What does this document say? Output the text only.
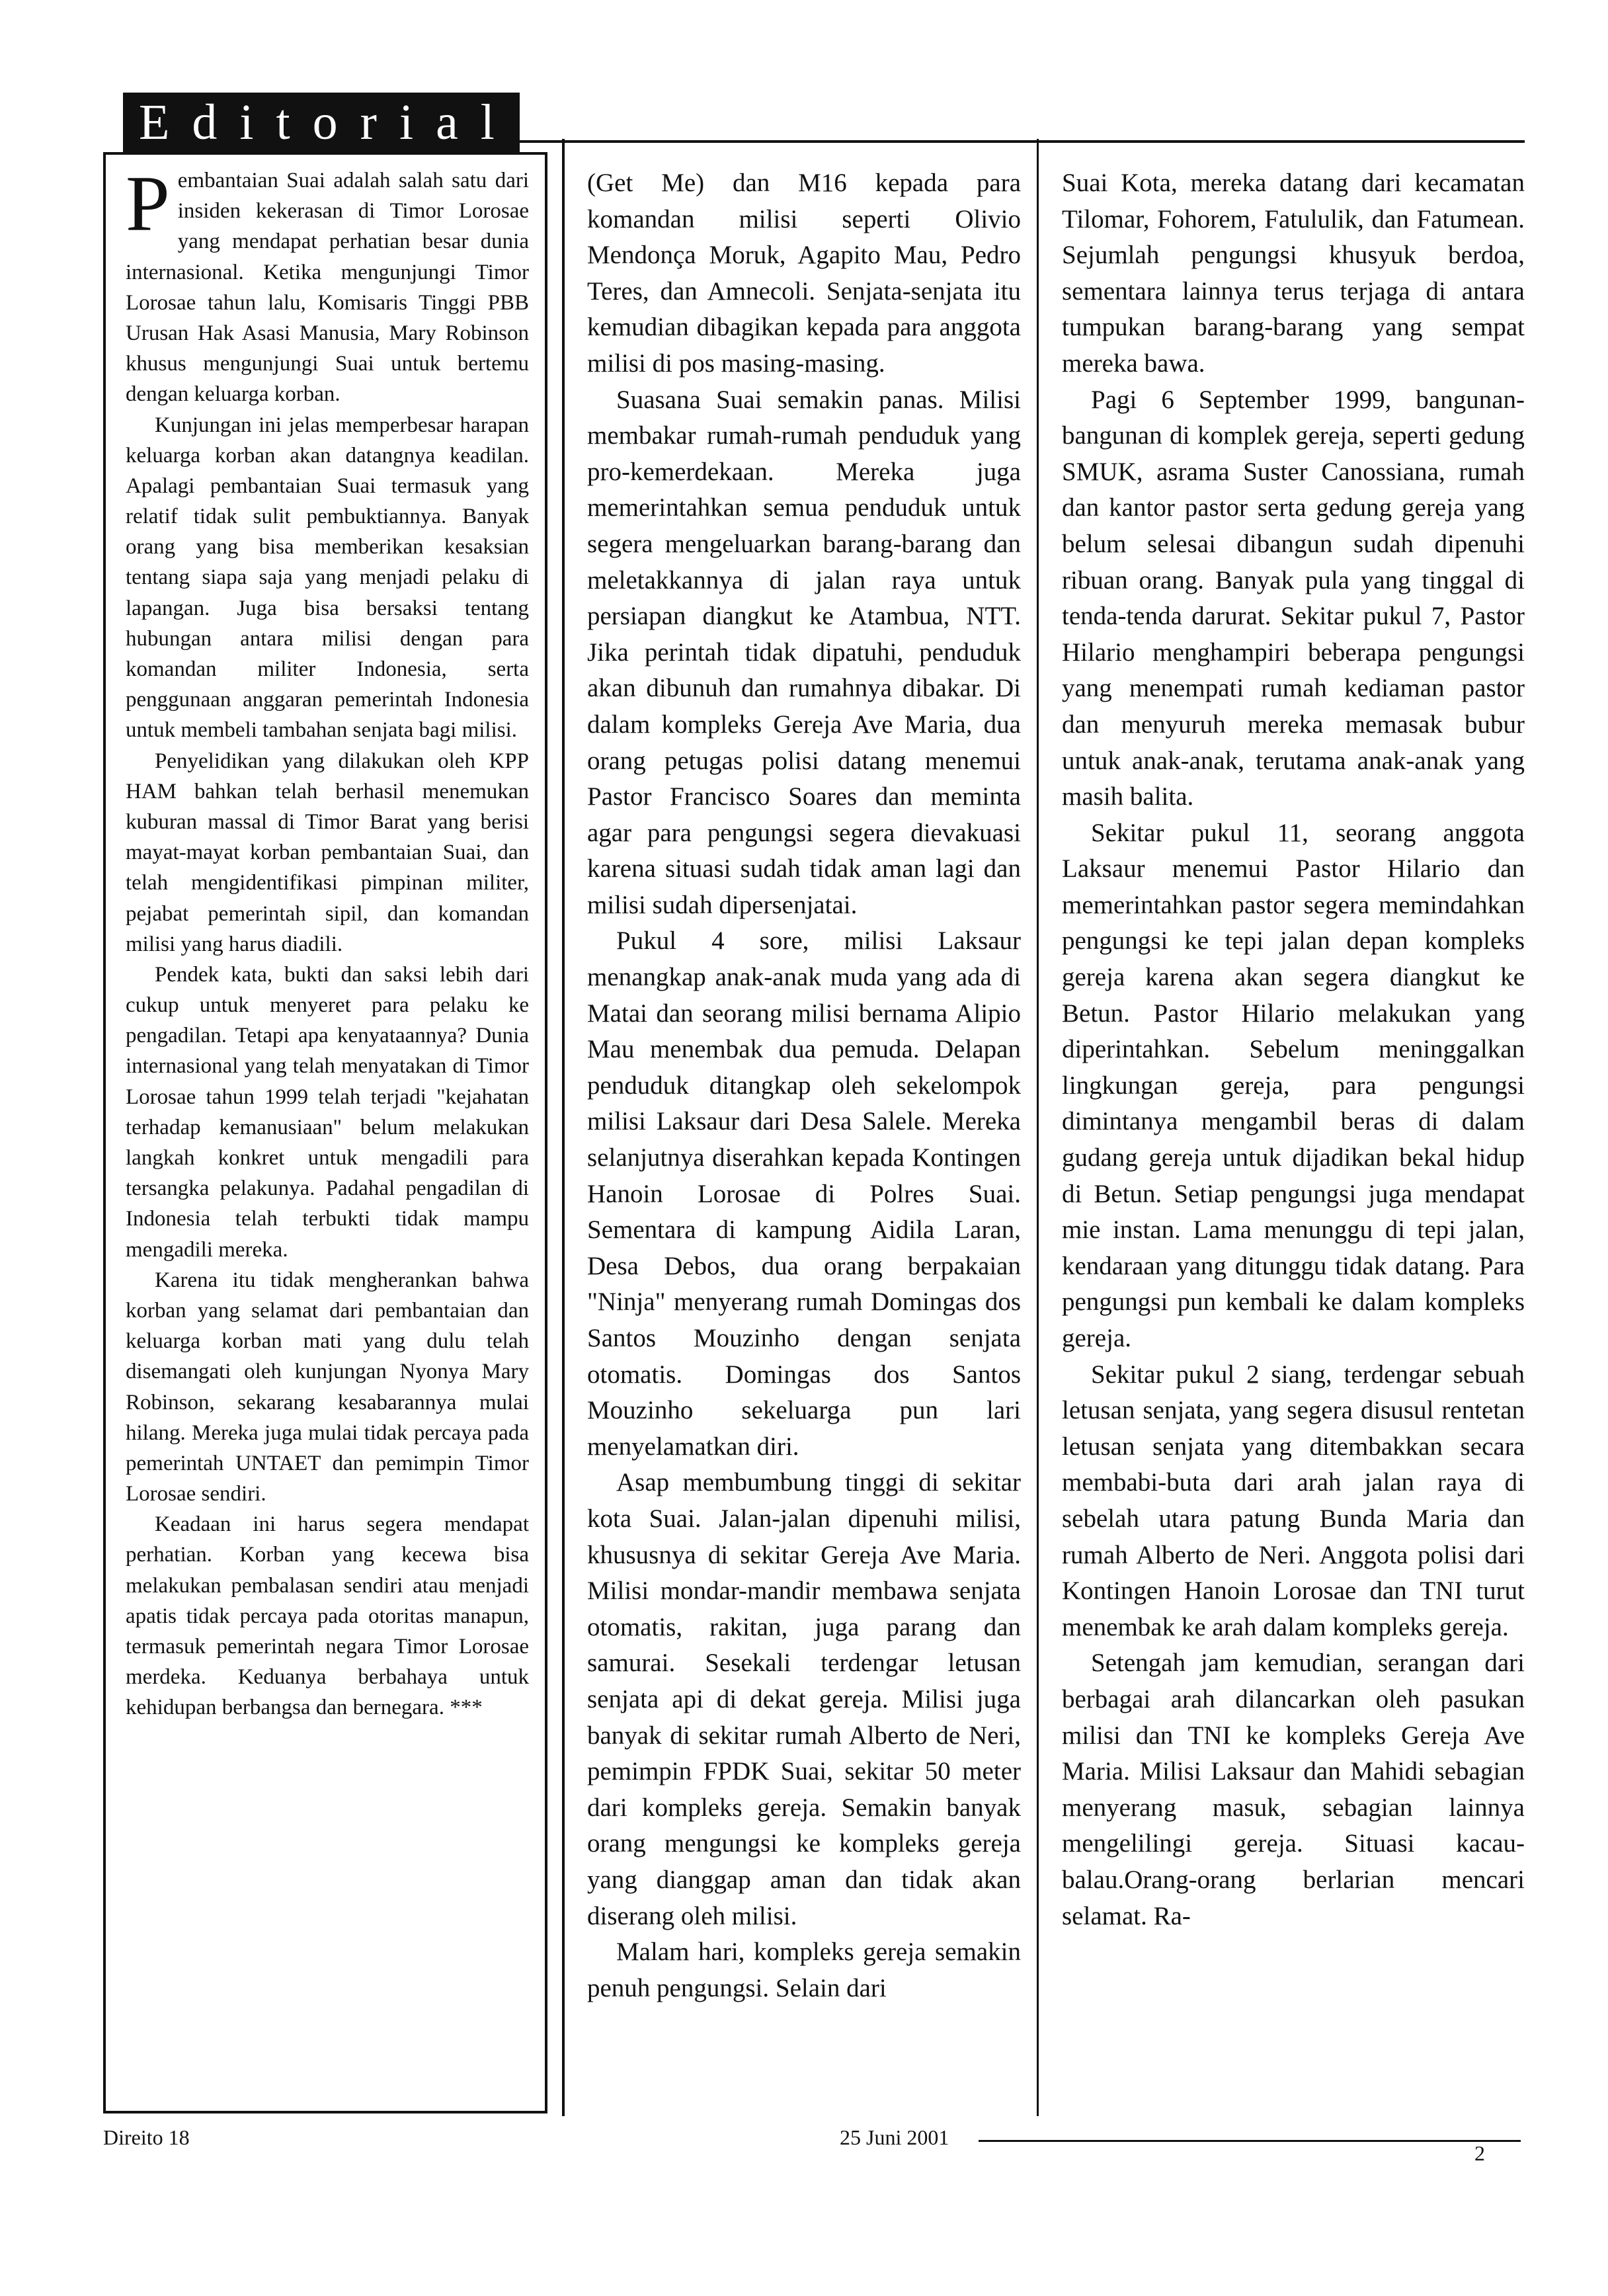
Editorial

P embantaian Suai adalah salah satu dari insiden kekerasan di Timor Lorosae yang mendapat perhatian besar dunia internasional. Ketika mengunjungi Timor Lorosae tahun lalu, Komisaris Tinggi PBB Urusan Hak Asasi Manusia, Mary Robinson khusus mengunjungi Suai untuk bertemu dengan keluarga korban.

Kunjungan ini jelas memperbesar harapan keluarga korban akan datangnya keadilan. Apalagi pembantaian Suai termasuk yang relatif tidak sulit pembuktiannya. Banyak orang yang bisa memberikan kesaksian tentang siapa saja yang menjadi pelaku di lapangan. Juga bisa bersaksi tentang hubungan antara milisi dengan para komandan militer Indonesia, serta penggunaan anggaran pemerintah Indonesia untuk membeli tambahan senjata bagi milisi.

Penyelidikan yang dilakukan oleh KPP HAM bahkan telah berhasil menemukan kuburan massal di Timor Barat yang berisi mayat-mayat korban pembantaian Suai, dan telah mengidentifikasi pimpinan militer, pejabat pemerintah sipil, dan komandan milisi yang harus diadili.

Pendek kata, bukti dan saksi lebih dari cukup untuk menyeret para pelaku ke pengadilan. Tetapi apa kenyataannya? Dunia internasional yang telah menyatakan di Timor Lorosae tahun 1999 telah terjadi "kejahatan terhadap kemanusiaan" belum melakukan langkah konkret untuk mengadili para tersangka pelakunya. Padahal pengadilan di Indonesia telah terbukti tidak mampu mengadili mereka.

Karena itu tidak mengherankan bahwa korban yang selamat dari pembantaian dan keluarga korban mati yang dulu telah disemangati oleh kunjungan Nyonya Mary Robinson, sekarang kesabarannya mulai hilang. Mereka juga mulai tidak percaya pada pemerintah UNTAET dan pemimpin Timor Lorosae sendiri.

Keadaan ini harus segera mendapat perhatian. Korban yang kecewa bisa melakukan pembalasan sendiri atau menjadi apatis tidak percaya pada otoritas manapun, termasuk pemerintah negara Timor Lorosae merdeka. Keduanya berbahaya untuk kehidupan berbangsa dan bernegara. ***

(Get Me) dan M16 kepada para komandan milisi seperti Olivio Mendonça Moruk, Agapito Mau, Pedro Teres, dan Amnecoli. Senjata-senjata itu kemudian dibagikan kepada para anggota milisi di pos masing-masing.

Suasana Suai semakin panas. Milisi membakar rumah-rumah penduduk yang pro-kemerdekaan. Mereka juga memerintahkan semua penduduk untuk segera mengeluarkan barang-barang dan meletakkannya di jalan raya untuk persiapan diangkut ke Atambua, NTT. Jika perintah tidak dipatuhi, penduduk akan dibunuh dan rumahnya dibakar. Di dalam kompleks Gereja Ave Maria, dua orang petugas polisi datang menemui Pastor Francisco Soares dan meminta agar para pengungsi segera dievakuasi karena situasi sudah tidak aman lagi dan milisi sudah dipersenjatai.

Pukul 4 sore, milisi Laksaur menangkap anak-anak muda yang ada di Matai dan seorang milisi bernama Alipio Mau menembak dua pemuda. Delapan penduduk ditangkap oleh sekelompok milisi Laksaur dari Desa Salele. Mereka selanjutnya diserahkan kepada Kontingen Hanoin Lorosae di Polres Suai. Sementara di kampung Aidila Laran, Desa Debos, dua orang berpakaian "Ninja" menyerang rumah Domingas dos Santos Mouzinho dengan senjata otomatis. Domingas dos Santos Mouzinho sekeluarga pun lari menyelamatkan diri.

Asap membumbung tinggi di sekitar kota Suai. Jalan-jalan dipenuhi milisi, khususnya di sekitar Gereja Ave Maria. Milisi mondar-mandir membawa senjata otomatis, rakitan, juga parang dan samurai. Sesekali terdengar letusan senjata api di dekat gereja. Milisi juga banyak di sekitar rumah Alberto de Neri, pemimpin FPDK Suai, sekitar 50 meter dari kompleks gereja. Semakin banyak orang mengungsi ke kompleks gereja yang dianggap aman dan tidak akan diserang oleh milisi.

Malam hari, kompleks gereja semakin penuh pengungsi. Selain dari

Suai Kota, mereka datang dari kecamatan Tilomar, Fohorem, Fatululik, dan Fatumean. Sejumlah pengungsi khusyuk berdoa, sementara lainnya terus terjaga di antara tumpukan barang-barang yang sempat mereka bawa.

Pagi 6 September 1999, bangunan-bangunan di komplek gereja, seperti gedung SMUK, asrama Suster Canossiana, rumah dan kantor pastor serta gedung gereja yang belum selesai dibangun sudah dipenuhi ribuan orang. Banyak pula yang tinggal di tenda-tenda darurat. Sekitar pukul 7, Pastor Hilario menghampiri beberapa pengungsi yang menempati rumah kediaman pastor dan menyuruh mereka memasak bubur untuk anak-anak, terutama anak-anak yang masih balita.

Sekitar pukul 11, seorang anggota Laksaur menemui Pastor Hilario dan memerintahkan pastor segera memindahkan pengungsi ke tepi jalan depan kompleks gereja karena akan segera diangkut ke Betun. Pastor Hilario melakukan yang diperintahkan. Sebelum meninggalkan lingkungan gereja, para pengungsi dimintanya mengambil beras di dalam gudang gereja untuk dijadikan bekal hidup di Betun. Setiap pengungsi juga mendapat mie instan. Lama menunggu di tepi jalan, kendaraan yang ditunggu tidak datang. Para pengungsi pun kembali ke dalam kompleks gereja.

Sekitar pukul 2 siang, terdengar sebuah letusan senjata, yang segera disusul rentetan letusan senjata yang ditembakkan secara membabi-buta dari arah jalan raya di sebelah utara patung Bunda Maria dan rumah Alberto de Neri. Anggota polisi dari Kontingen Hanoin Lorosae dan TNI turut menembak ke arah dalam kompleks gereja.

Setengah jam kemudian, serangan dari berbagai arah dilancarkan oleh pasukan milisi dan TNI ke kompleks Gereja Ave Maria. Milisi Laksaur dan Mahidi sebagian menyerang masuk, sebagian lainnya mengelilingi gereja. Situasi kacau-balau.Orang-orang berlarian mencari selamat. Ra-

Direito 18	25 Juni 2001
2
